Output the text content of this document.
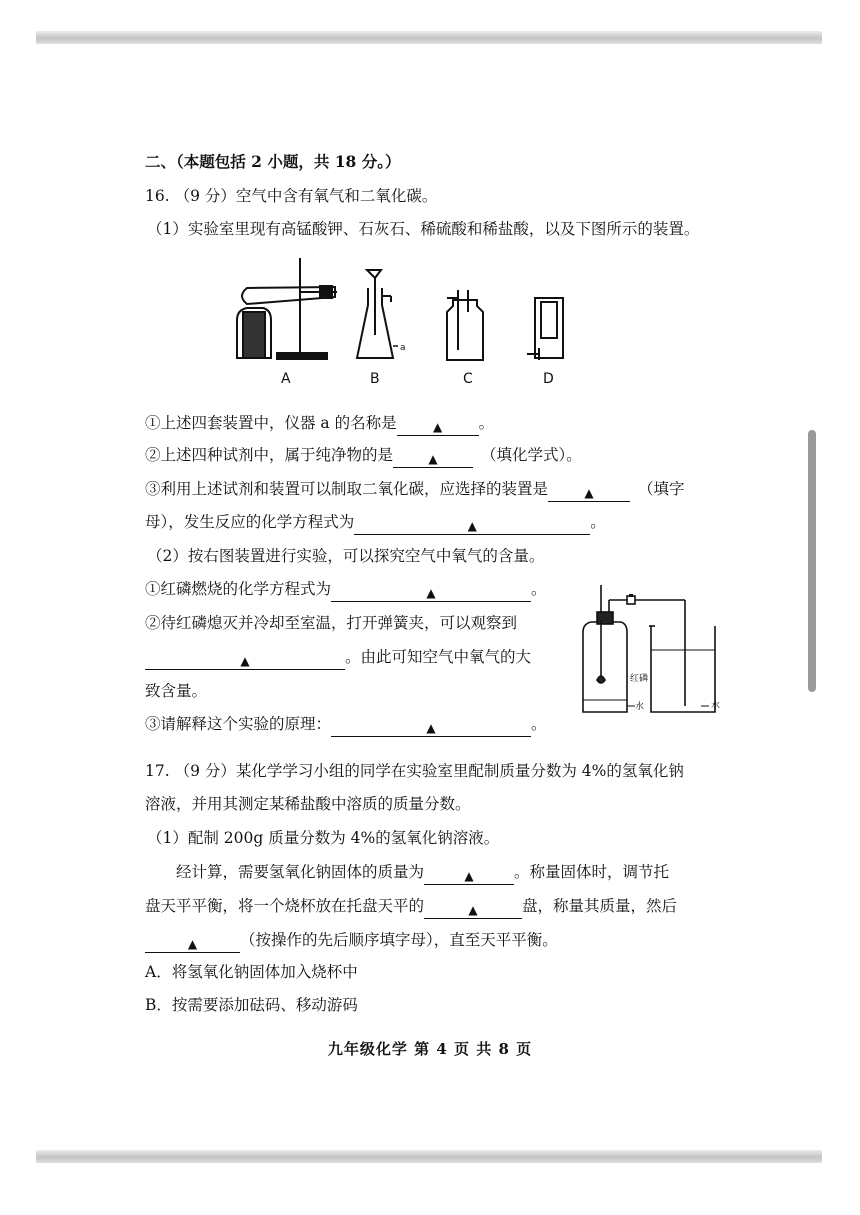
二、（本题包括 2 小题，共 18 分。）
16. （9 分）空气中含有氧气和二氧化碳。
（1）实验室里现有高锰酸钾、石灰石、稀硫酸和稀盐酸，以及下图所示的装置。
a
A	B	C	D
①上述四套装置中，仪器 a 的名称是	▲ 。
②上述四种试剂中，属于纯净物的是	▲	（填化学式）。
③利用上述试剂和装置可以制取二氧化碳，应选择的装置是	▲	（填字
母），发生反应的化学方程式为	▲	。
（2）按右图装置进行实验，可以探究空气中氧气的含量。
①红磷燃烧的化学方程式为	▲	。
②待红磷熄灭并冷却至室温，打开弹簧夹，可以观察到
▲	。由此可知空气中氧气的大
致含量。
③请解释这个实验的原理：	▲	。
红磷
水	水
17. （9 分）某化学学习小组的同学在实验室里配制质量分数为 4%的氢氧化钠
溶液，并用其测定某稀盐酸中溶质的质量分数。
（1）配制 200g 质量分数为 4%的氢氧化钠溶液。
经计算，需要氢氧化钠固体的质量为	▲	。称量固体时，调节托
盘天平平衡，将一个烧杯放在托盘天平的	▲	盘，称量其质量，然后
▲	（按操作的先后顺序填字母），直至天平平衡。
A．将氢氧化钠固体加入烧杯中
B．按需要添加砝码、移动游码
九年级化学 第 4 页 共 8 页
